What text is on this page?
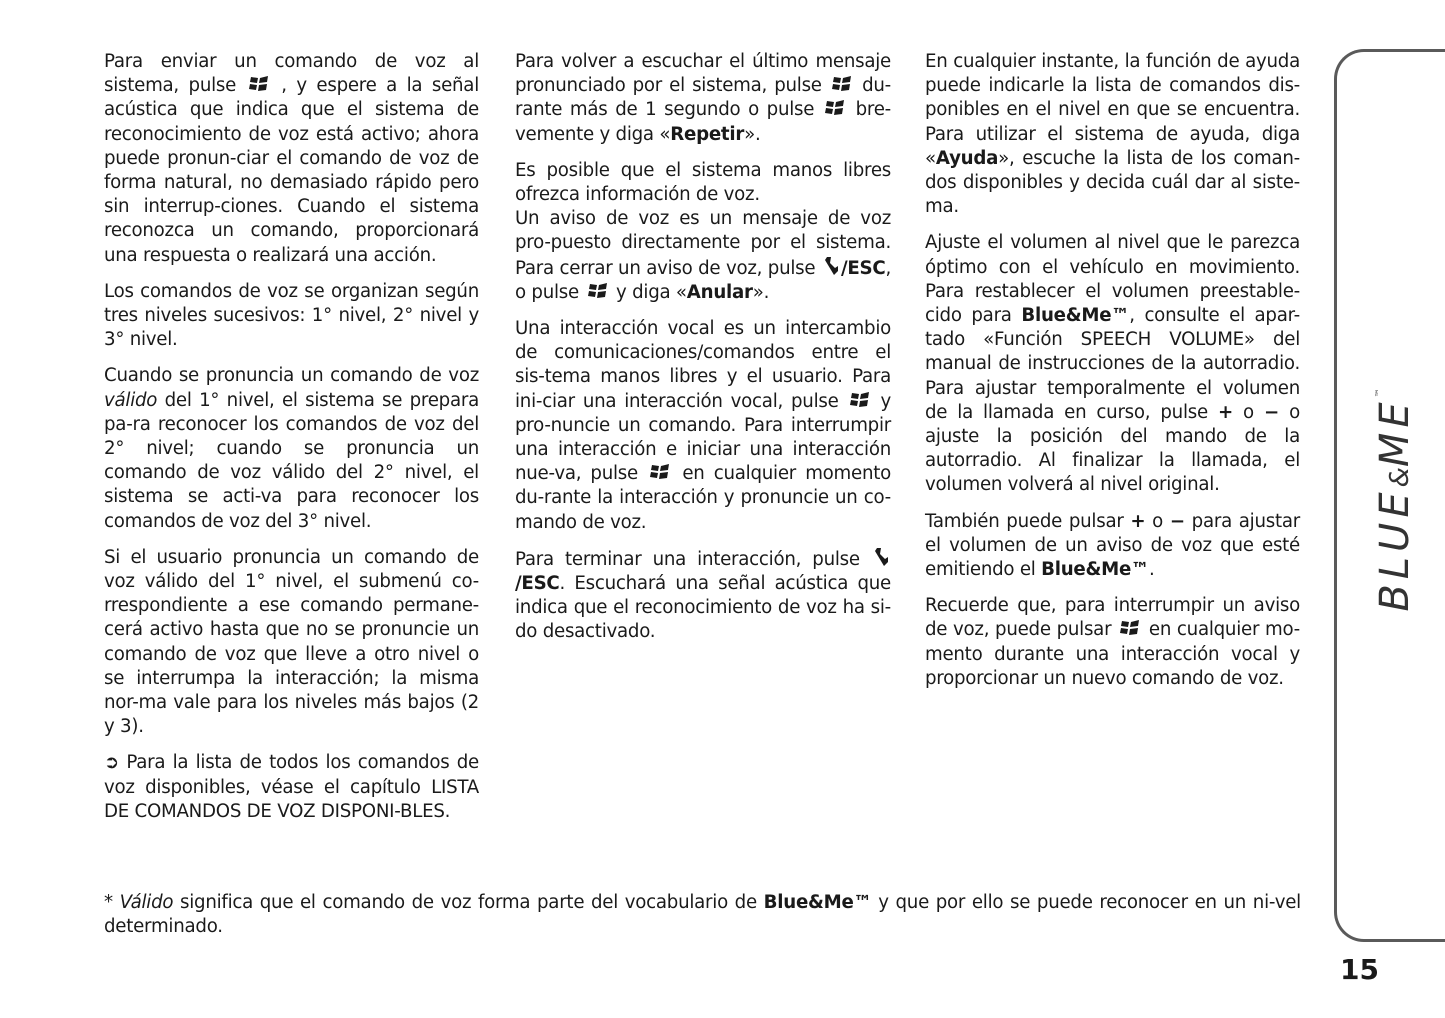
Para enviar un comando de voz al sistema, pulse , y espere a la señal acústica que indica que el sistema de reconocimiento de voz está activo; ahora puede pronun-ciar el comando de voz de forma natural, no demasiado rápido pero sin interrup-ciones. Cuando el sistema reconozca un comando, proporcionará una respuesta o realizará una acción.

Los comandos de voz se organizan según tres niveles sucesivos: 1° nivel, 2° nivel y 3° nivel.

Cuando se pronuncia un comando de voz válido del 1° nivel, el sistema se prepara pa-ra reconocer los comandos de voz del 2° nivel; cuando se pronuncia un comando de voz válido del 2° nivel, el sistema se acti-va para reconocer los comandos de voz del 3° nivel.

Si el usuario pronuncia un comando de voz válido del 1° nivel, el submenú co-rrespondiente a ese comando permane-cerá activo hasta que no se pronuncie un comando de voz que lleve a otro nivel o se interrumpa la interacción; la misma nor-ma vale para los niveles más bajos (2 y 3).

➲ Para la lista de todos los comandos de voz disponibles, véase el capítulo LISTA DE COMANDOS DE VOZ DISPONI-BLES.

Para volver a escuchar el último mensaje pronunciado por el sistema, pulse du-rante más de 1 segundo o pulse bre-vemente y diga «Repetir».

Es posible que el sistema manos libres ofrezca información de voz.
Un aviso de voz es un mensaje de voz pro-puesto directamente por el sistema. Para cerrar un aviso de voz, pulse /ESC, o pulse y diga «Anular».

Una interacción vocal es un intercambio de comunicaciones/comandos entre el sis-tema manos libres y el usuario. Para ini-ciar una interacción vocal, pulse y pro-nuncie un comando. Para interrumpir una interacción e iniciar una interacción nue-va, pulse en cualquier momento du-rante la interacción y pronuncie un co-mando de voz.

Para terminar una interacción, pulse /ESC. Escuchará una señal acústica que indica que el reconocimiento de voz ha si-do desactivado.

En cualquier instante, la función de ayuda puede indicarle la lista de comandos dis-ponibles en el nivel en que se encuentra. Para utilizar el sistema de ayuda, diga «Ayuda», escuche la lista de los coman-dos disponibles y decida cuál dar al siste-ma.

Ajuste el volumen al nivel que le parezca óptimo con el vehículo en movimiento. Para restablecer el volumen preestable-cido para Blue&Me™, consulte el apar-tado «Función SPEECH VOLUME» del manual de instrucciones de la autorradio. Para ajustar temporalmente el volumen de la llamada en curso, pulse + o − o ajuste la posición del mando de la autorradio. Al finalizar la llamada, el volumen volverá al nivel original.

También puede pulsar + o − para ajustar el volumen de un aviso de voz que esté emitiendo el Blue&Me™.

Recuerde que, para interrumpir un aviso de voz, puede pulsar en cualquier mo-mento durante una interacción vocal y proporcionar un nuevo comando de voz.

* Válido significa que el comando de voz forma parte del vocabulario de Blue&Me™ y que por ello se puede reconocer en un ni-vel determinado.
BLUE&ME™
15
